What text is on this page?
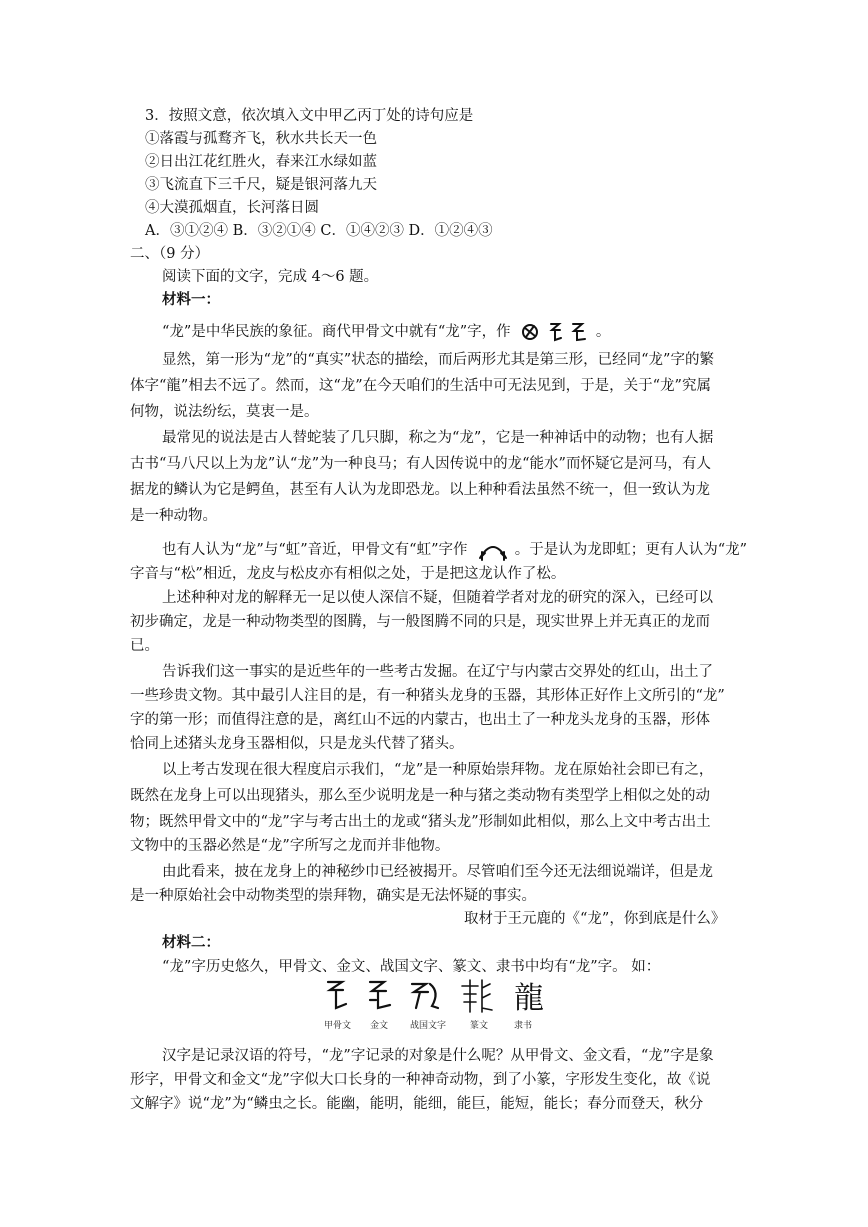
3．按照文意，依次填入文中甲乙丙丁处的诗句应是
①落霞与孤鹜齐飞，秋水共长天一色
②日出江花红胜火，春来江水绿如蓝
③飞流直下三千尺，疑是银河落九天
④大漠孤烟直，长河落日圆
A．③①②④ B．③②①④ C．①④②③ D．①②④③
二、（9 分）
阅读下面的文字，完成 4～6 题。
材料一：
“龙”是中华民族的象征。商代甲骨文中就有“龙”字，作	。
显然，第一形为“龙”的“真实”状态的描绘，而后两形尤其是第三形，已经同“龙”字的繁
体字“龍”相去不远了。然而，这“龙”在今天咱们的生活中可无法见到，于是，关于“龙”究属
何物，说法纷纭，莫衷一是。
最常见的说法是古人替蛇装了几只脚，称之为“龙”，它是一种神话中的动物；也有人据
古书“马八尺以上为龙”认“龙”为一种良马；有人因传说中的龙“能水”而怀疑它是河马，有人
据龙的鳞认为它是鳄鱼，甚至有人认为龙即恐龙。以上种种看法虽然不统一，但一致认为龙
是一种动物。
也有人认为“龙”与“虹”音近，甲骨文有“虹”字作	。于是认为龙即虹；更有人认为“龙”
字音与“松”相近，龙皮与松皮亦有相似之处，于是把这龙认作了松。
上述种种对龙的解释无一足以使人深信不疑，但随着学者对龙的研究的深入，已经可以
初步确定，龙是一种动物类型的图腾，与一般图腾不同的只是，现实世界上并无真正的龙而
已。
告诉我们这一事实的是近些年的一些考古发掘。在辽宁与内蒙古交界处的红山，出土了
一些珍贵文物。其中最引人注目的是，有一种猪头龙身的玉器，其形体正好作上文所引的“龙”
字的第一形；而值得注意的是，离红山不远的内蒙古，也出土了一种龙头龙身的玉器，形体
恰同上述猪头龙身玉器相似，只是龙头代替了猪头。
以上考古发现在很大程度启示我们，“龙”是一种原始崇拜物。龙在原始社会即已有之，
既然在龙身上可以出现猪头，那么至少说明龙是一种与猪之类动物有类型学上相似之处的动
物；既然甲骨文中的“龙”字与考古出土的龙或“猪头龙”形制如此相似，那么上文中考古出土
文物中的玉器必然是“龙”字所写之龙而并非他物。
由此看来，披在龙身上的神秘纱巾已经被揭开。尽管咱们至今还无法细说端详，但是龙
是一种原始社会中动物类型的崇拜物，确实是无法怀疑的事实。
取材于王元鹿的《“龙”，你到底是什么》
材料二：
“龙”字历史悠久，甲骨文、金文、战国文字、篆文、隶书中均有“龙”字。 如：
龍
甲骨文 金文 战国文字	篆文	隶书
汉字是记录汉语的符号，“龙”字记录的对象是什么呢？从甲骨文、金文看，“龙”字是象
形字，甲骨文和金文“龙”字似大口长身的一种神奇动物，到了小篆，字形发生变化，故《说
文解字》说“龙”为“鳞虫之长。能幽，能明，能细，能巨，能短，能长；春分而登天，秋分
